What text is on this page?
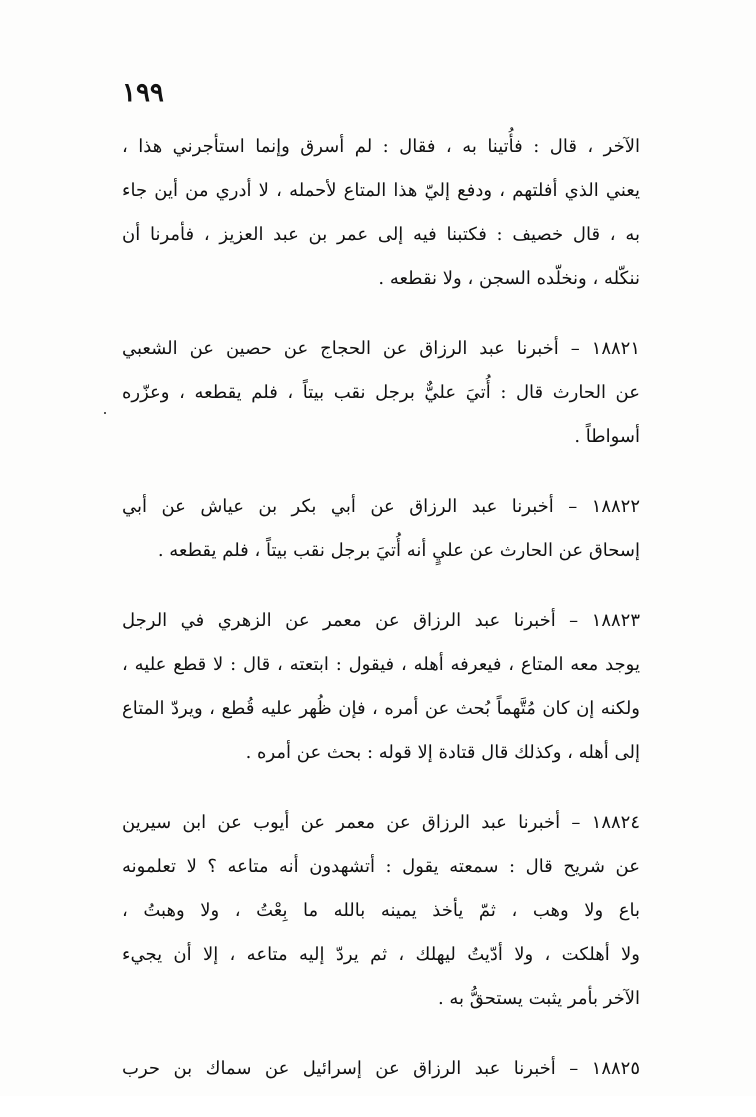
١٩٩
الآخر ، قال : فأُتينا به ، فقال : لم أسرق وإنما استأجرني هذا ،
يعني الذي أفلتهم ، ودفع إليّ هذا المتاع لأحمله ، لا أدري من أين جاء
به ، قال خصيف : فكتبنا فيه إلى عمر بن عبد العزيز ، فأمرنا أن
ننكّله ، ونخلّده السجن ، ولا نقطعه .
١٨٨٢١ – أخبرنا عبد الرزاق عن الحجاج عن حصين عن الشعبي
عن الحارث قال : أُتيَ عليٌّ برجل نقب بيتاً ، فلم يقطعه ، وعزّره
أسواطاً .
١٨٨٢٢ – أخبرنا عبد الرزاق عن أبي بكر بن عياش عن أبي
إسحاق عن الحارث عن عليٍ أنه أُتيَ برجل نقب بيتاً ، فلم يقطعه .
١٨٨٢٣ – أخبرنا عبد الرزاق عن معمر عن الزهري في الرجل
يوجد معه المتاع ، فيعرفه أهله ، فيقول : ابتعته ، قال : لا قطع عليه ،
ولكنه إن كان مُتَّهماً بُحث عن أمره ، فإن ظُهر عليه قُطع ، ويردّ المتاع
إلى أهله ، وكذلك قال قتادة إلا قوله : بحث عن أمره .
١٨٨٢٤ – أخبرنا عبد الرزاق عن معمر عن أيوب عن ابن سيرين
عن شريح قال : سمعته يقول : أتشهدون أنه متاعه ؟ لا تعلمونه
باع ولا وهب ، ثمّ يأخذ يمينه بالله ما بِعْتُ ، ولا وهبتُ ،
ولا أهلكت ، ولا أدّيتُ ليهلك ، ثم يردّ إليه متاعه ، إلا أن يجيء
الآخر بأمر يثبت يستحقُّ به .
١٨٨٢٥ – أخبرنا عبد الرزاق عن إسرائيل عن سماك بن حرب
